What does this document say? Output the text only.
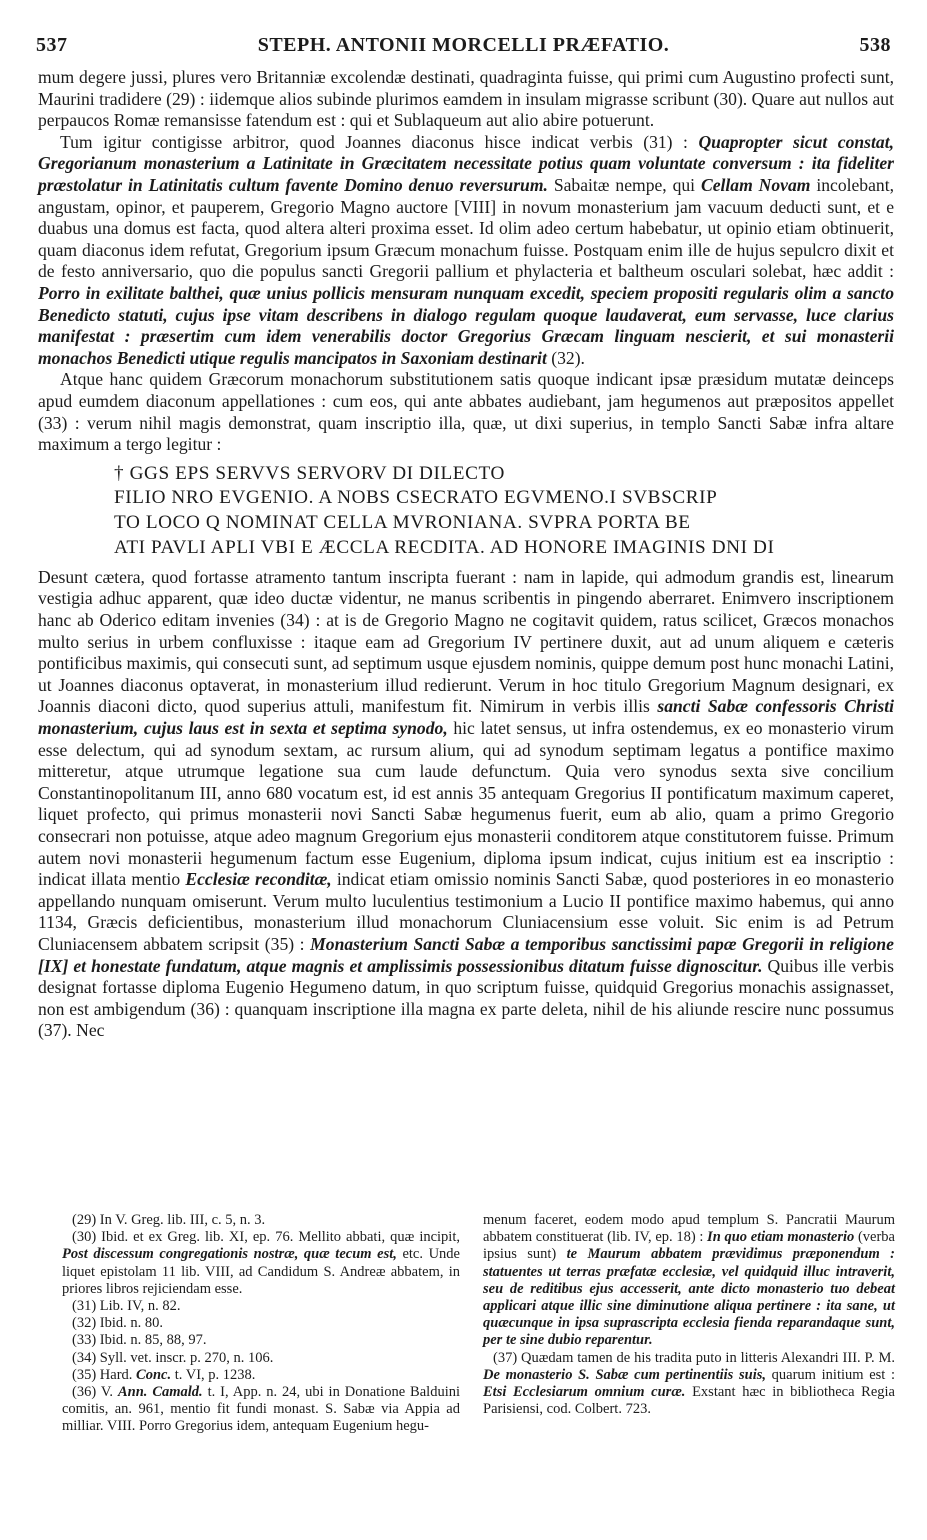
537	STEPH. ANTONII MORCELLI PRÆFATIO.	538

mum degere jussi, plures vero Britanniæ excolendæ destinati, quadraginta fuisse, qui primi cum Augustino profecti sunt, Maurini tradidere (29) : iidemque alios subinde plurimos eamdem in insulam migrasse scribunt (30). Quare aut nullos aut perpaucos Romæ remansisse fatendum est : qui et Sublaqueum aut alio abire potuerunt.

Tum igitur contigisse arbitror, quod Joannes diaconus hisce indicat verbis (31) : Quapropter sicut constat, Gregorianum monasterium a Latinitate in Græcitatem necessitate potius quam voluntate conversum : ita fideliter præstolatur in Latinitatis cultum favente Domino denuo reversurum. Sabaitæ nempe, qui Cellam Novam incolebant, angustam, opinor, et pauperem, Gregorio Magno auctore [VIII] in novum monasterium jam vacuum deducti sunt, et e duabus una domus est facta, quod altera alteri proxima esset. Id olim adeo certum habebatur, ut opinio etiam obtinuerit, quam diaconus idem refutat, Gregorium ipsum Græcum monachum fuisse. Postquam enim ille de hujus sepulcro dixit et de festo anniversario, quo die populus sancti Gregorii pallium et phylacteria et baltheum osculari solebat, hæc addit : Porro in exilitate balthei, quæ unius pollicis mensuram nunquam excedit, speciem propositi regularis olim a sancto Benedicto statuti, cujus ipse vitam describens in dialogo regulam quoque laudaverat, eum servasse, luce clarius manifestat : præsertim cum idem venerabilis doctor Gregorius Græcam linguam nescierit, et sui monasterii monachos Benedicti utique regulis mancipatos in Saxoniam destinarit (32).

Atque hanc quidem Græcorum monachorum substitutionem satis quoque indicant ipsæ præsidum mutatæ deinceps apud eumdem diaconum appellationes : cum eos, qui ante abbates audiebant, jam hegumenos aut præpositos appellet (33) : verum nihil magis demonstrat, quam inscriptio illa, quæ, ut dixi superius, in templo Sancti Sabæ infra altare maximum a tergo legitur :

† GGS EPS SERVVS SERVORV DI DILECTO
FILIO NRO EVGENIO. A NOBS CSECRATO EGVMENO.I SVBSCRIP
TO LOCO Q NOMINAT CELLA MVRONIANA. SVPRA PORTA BE
ATI PAVLI APLI VBI E ÆCCLA RECDITA. AD HONORE IMAGINIS DNI DI

Desunt cætera, quod fortasse atramento tantum inscripta fuerant : nam in lapide, qui admodum grandis est, linearum vestigia adhuc apparent, quæ ideo ductæ videntur, ne manus scribentis in pingendo aberraret. Enimvero inscriptionem hanc ab Oderico editam invenies (34) : at is de Gregorio Magno ne cogitavit quidem, ratus scilicet, Græcos monachos multo serius in urbem confluxisse : itaque eam ad Gregorium IV pertinere duxit, aut ad unum aliquem e cæteris pontificibus maximis, qui consecuti sunt, ad septimum usque ejusdem nominis, quippe demum post hunc monachi Latini, ut Joannes diaconus optaverat, in monasterium illud redierunt. Verum in hoc titulo Gregorium Magnum designari, ex Joannis diaconi dicto, quod superius attuli, manifestum fit. Nimirum in verbis illis sancti Sabæ confessoris Christi monasterium, cujus laus est in sexta et septima synodo, hic latet sensus, ut infra ostendemus, ex eo monasterio virum esse delectum, qui ad synodum sextam, ac rursum alium, qui ad synodum septimam legatus a pontifice maximo mitteretur, atque utrumque legatione sua cum laude defunctum. Quia vero synodus sexta sive concilium Constantinopolitanum III, anno 680 vocatum est, id est annis 35 antequam Gregorius II pontificatum maximum caperet, liquet profecto, qui primus monasterii novi Sancti Sabæ hegumenus fuerit, eum ab alio, quam a primo Gregorio consecrari non potuisse, atque adeo magnum Gregorium ejus monasterii conditorem atque constitutorem fuisse. Primum autem novi monasterii hegumenum factum esse Eugenium, diploma ipsum indicat, cujus initium est ea inscriptio : indicat illata mentio Ecclesiæ reconditæ, indicat etiam omissio nominis Sancti Sabæ, quod posteriores in eo monasterio appellando nunquam omiserunt. Verum multo luculentius testimonium a Lucio II pontifice maximo habemus, qui anno 1134, Græcis deficientibus, monasterium illud monachorum Cluniacensium esse voluit. Sic enim is ad Petrum Cluniacensem abbatem scripsit (35) : Monasterium Sancti Sabæ a temporibus sanctissimi papæ Gregorii in religione [IX] et honestate fundatum, atque magnis et amplissimis possessionibus ditatum fuisse dignoscitur. Quibus ille verbis designat fortasse diploma Eugenio Hegumeno datum, in quo scriptum fuisse, quidquid Gregorius monachis assignasset, non est ambigendum (36) : quanquam inscriptione illa magna ex parte deleta, nihil de his aliunde rescire nunc possumus (37). Nec

(29) In V. Greg. lib. III, c. 5, n. 3.

(30) Ibid. et ex Greg. lib. XI, ep. 76. Mellito abbati, quæ incipit, Post discessum congregationis nostræ, quæ tecum est, etc. Unde liquet epistolam 11 lib. VIII, ad Candidum S. Andreæ abbatem, in priores libros rejiciendam esse.

(31) Lib. IV, n. 82.

(32) Ibid. n. 80.

(33) Ibid. n. 85, 88, 97.

(34) Syll. vet. inscr. p. 270, n. 106.

(35) Hard. Conc. t. VI, p. 1238.

(36) V. Ann. Camald. t. I, App. n. 24, ubi in Donatione Balduini comitis, an. 961, mentio fit fundi monast. S. Sabæ via Appia ad milliar. VIII. Porro Gregorius idem, antequam Eugenium hegu-

menum faceret, eodem modo apud templum S. Pancratii Maurum abbatem constituerat (lib. IV, ep. 18) : In quo etiam monasterio (verba ipsius sunt) te Maurum abbatem prævidimus præponendum : statuentes ut terras præfatæ ecclesiæ, vel quidquid illuc intraverit, seu de reditibus ejus accesserit, ante dicto monasterio tuo debeat applicari atque illic sine diminutione aliqua pertinere : ita sane, ut quæcunque in ipsa suprascripta ecclesia fienda reparandaque sunt, per te sine dubio reparentur.

(37) Quædam tamen de his tradita puto in litteris Alexandri III. P. M. De monasterio S. Sabæ cum pertinentiis suis, quarum initium est : Etsi Ecclesiarum omnium curæ. Exstant hæc in bibliotheca Regia Parisiensi, cod. Colbert. 723.
